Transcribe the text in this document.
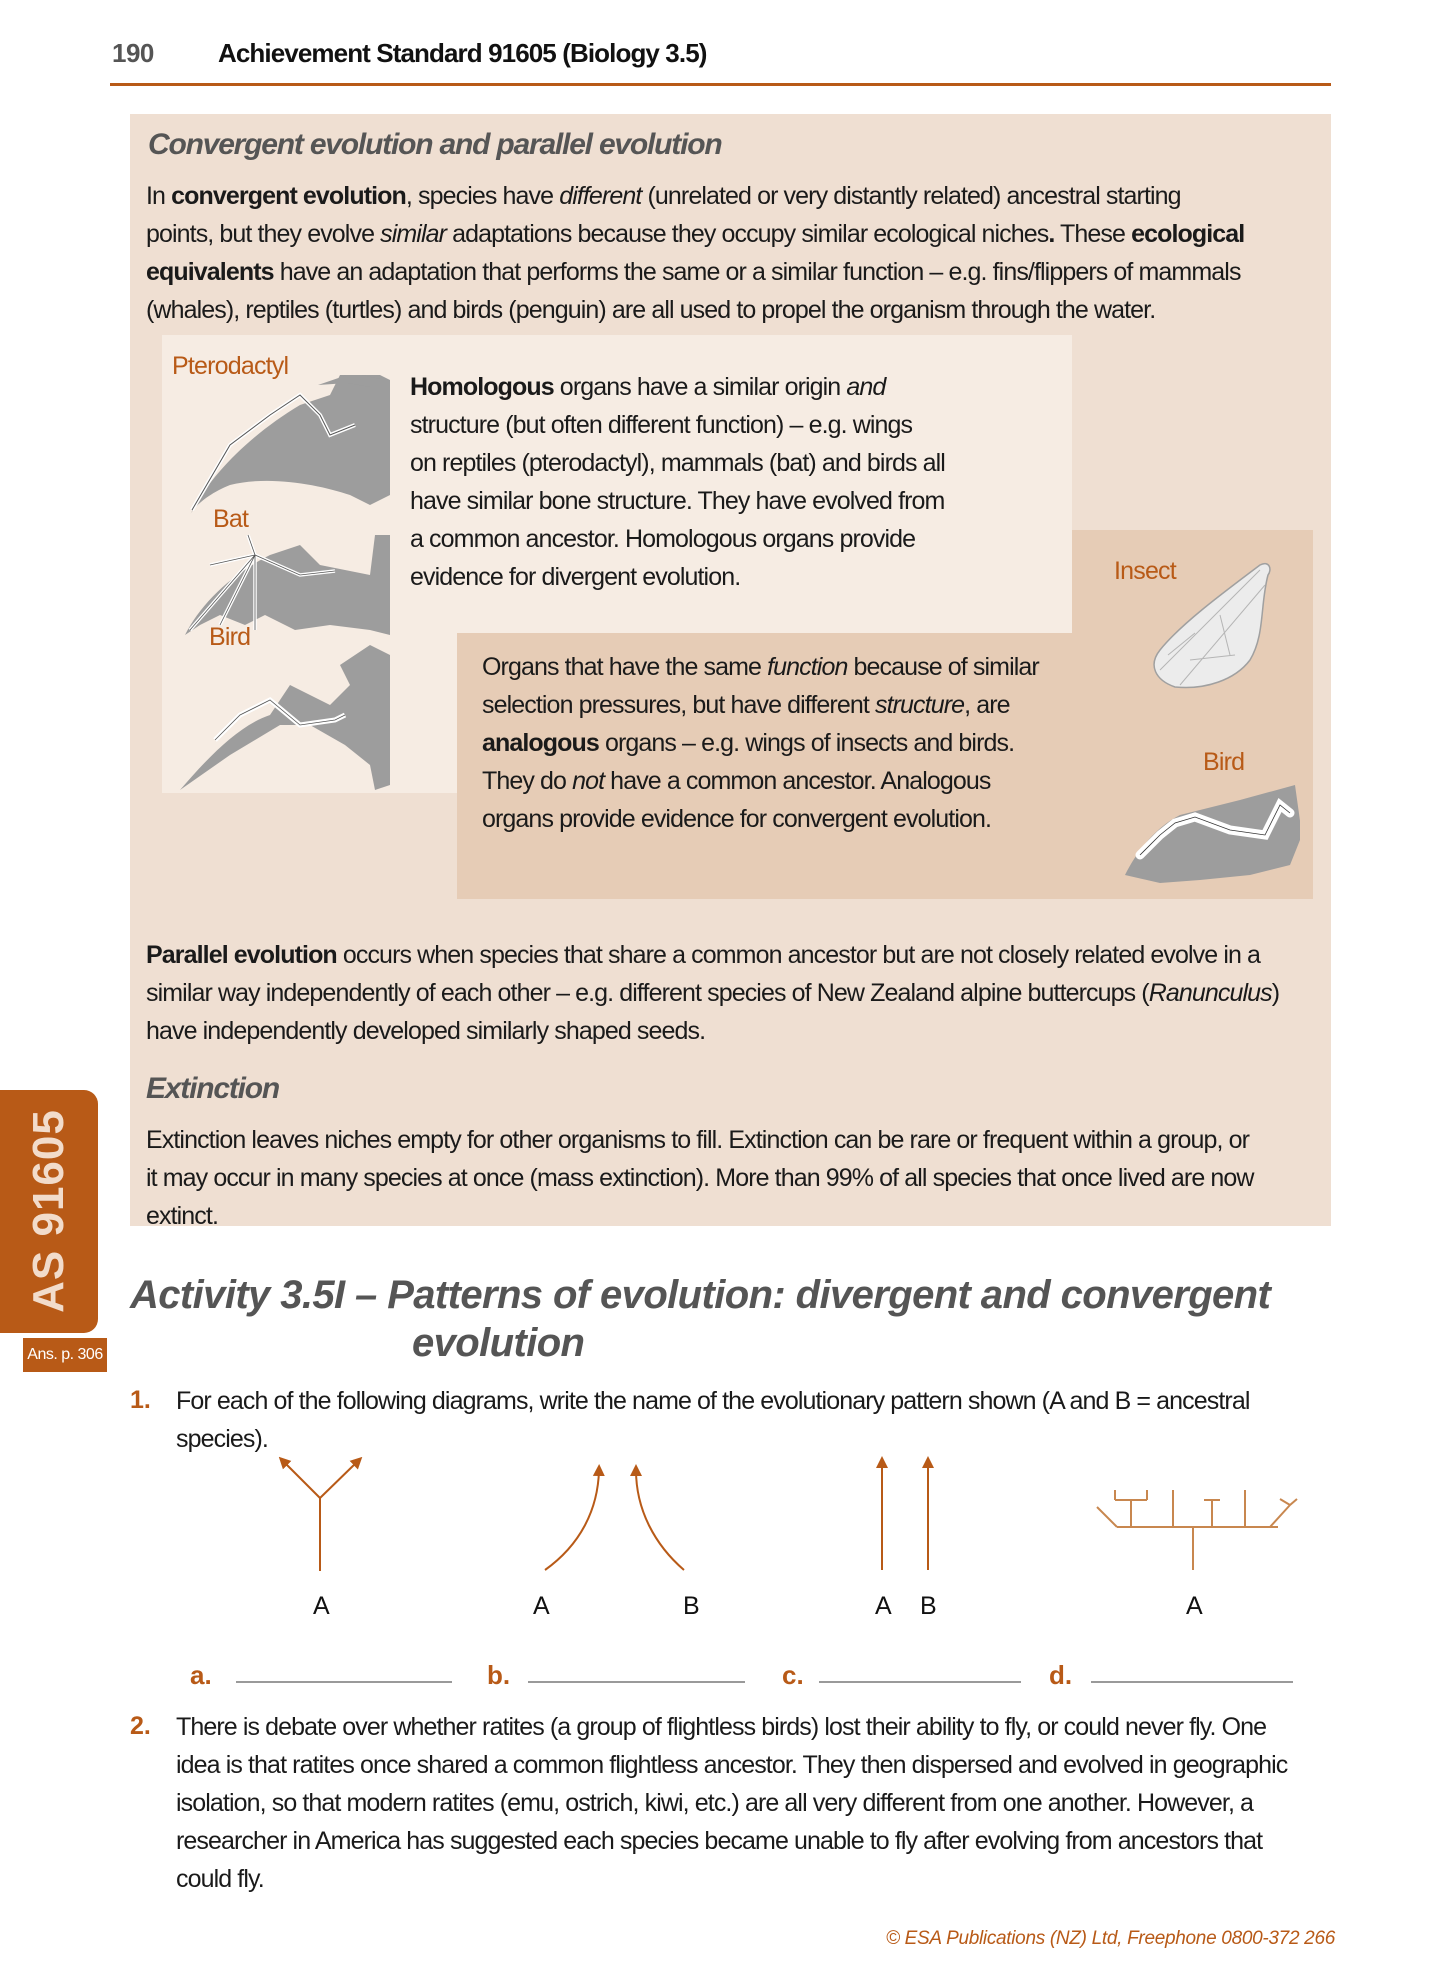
190 Achievement Standard 91605 (Biology 3.5)
Convergent evolution and parallel evolution
Pterodactyl
Bat
Bird
Insect
Bird
Extinction
AS 91605
Ans. p. 306
Activity 3.5I – Patterns of evolution: divergent and convergent
evolution
1. For each of the following diagrams, write the name of the evolutionary pattern shown (A and B = ancestral
species).
A	A	B	A B	A
a.	b.	c.	d.
2. There is debate over whether ratites (a group of flightless birds) lost their ability to fly, or could never fly. One
idea is that ratites once shared a common flightless ancestor. They then dispersed and evolved in geographic
isolation, so that modern ratites (emu, ostrich, kiwi, etc.) are all very different from one another. However, a
researcher in America has suggested each species became unable to fly after evolving from ancestors that
could fly.
© ESA Publications (NZ) Ltd, Freephone 0800-372 266
In convergent evolution, species have different (unrelated or very distantly related) ancestral starting
points, but they evolve similar adaptations because they occupy similar ecological niches. These ecological
equivalents have an adaptation that performs the same or a similar function – e.g. fins/flippers of mammals
(whales), reptiles (turtles) and birds (penguin) are all used to propel the organism through the water.
Homologous organs have a similar origin and
structure (but often different function) – e.g. wings
on reptiles (pterodactyl), mammals (bat) and birds all
have similar bone structure. They have evolved from
a common ancestor. Homologous organs provide
evidence for divergent evolution.
Organs that have the same function because of similar
selection pressures, but have different structure, are
analogous organs – e.g. wings of insects and birds.
They do not have a common ancestor. Analogous
organs provide evidence for convergent evolution.
Parallel evolution occurs when species that share a common ancestor but are not closely related evolve in a
similar way independently of each other – e.g. different species of New Zealand alpine buttercups (Ranunculus)
have independently developed similarly shaped seeds.
Extinction leaves niches empty for other organisms to fill. Extinction can be rare or frequent within a group, or
it may occur in many species at once (mass extinction). More than 99% of all species that once lived are now
extinct.
